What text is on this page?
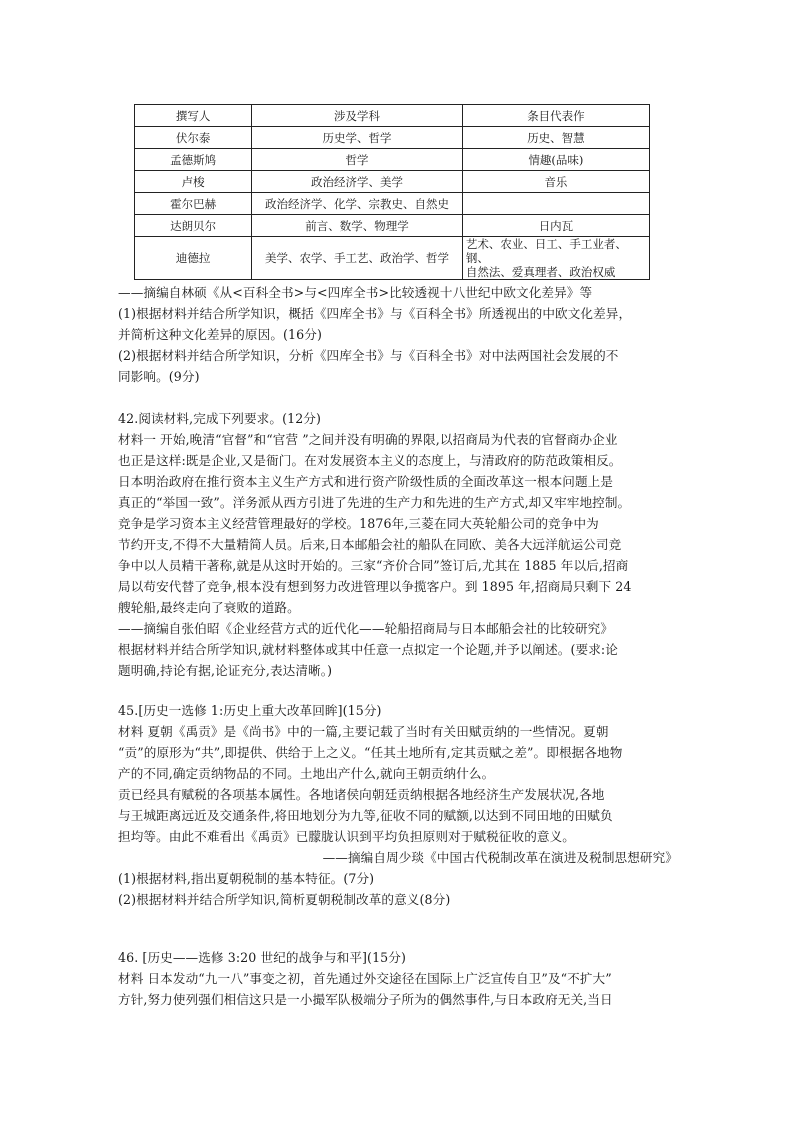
撰写人	涉及学科	条目代表作
伏尔泰	历史学、哲学	历史、智慧
孟德斯鸠	哲学	情趣(品味)
卢梭	政治经济学、美学	音乐
霍尔巴赫	政治经济学、化学、宗教史、自然史	
达朗贝尔	前言、数学、物理学	日内瓦
迪德拉	美学、农学、手工艺、政治学、哲学	艺术、农业、日工、手工业者、钢、
自然法、爱真理者、政治权威
——摘编自林硕《从<百科全书>与<四库全书>比较透视十八世纪中欧文化差异》等
(1)根据材料并结合所学知识，概括《四库全书》与《百科全书》所透视出的中欧文化差异，
并简析这种文化差异的原因。(16分)
(2)根据材料并结合所学知识，分析《四库全书》与《百科全书》对中法两国社会发展的不
同影响。(9分)
42.阅读材料,完成下列要求。(12分)
材料一 开始,晚清“官督”和“官营 ”之间并没有明确的界限,以招商局为代表的官督商办企业
也正是这样:既是企业,又是衙门。在对发展资本主义的态度上，与清政府的防范政策相反。
日本明治政府在推行资本主义生产方式和进行资产阶级性质的全面改革这一根本问题上是
真正的“举国一致”。洋务派从西方引进了先进的生产力和先进的生产方式,却又牢牢地控制。
竞争是学习资本主义经营管理最好的学校。1876年,三菱在同大英轮船公司的竞争中为
节约开支,不得不大量精简人员。后来,日本邮船会社的船队在同欧、美各大远洋航运公司竞
争中以人员精干著称,就是从这时开始的。三家“齐价合同”签订后,尤其在 1885 年以后,招商
局以苟安代替了竞争,根本没有想到努力改进管理以争揽客户。到 1895 年,招商局只剩下 24
艘轮船,最终走向了衰败的道路。
——摘编自张伯昭《企业经营方式的近代化——轮船招商局与日本邮船会社的比较研究》
根据材料并结合所学知识,就材料整体或其中任意一点拟定一个论题,并予以阐述。(要求:论
题明确,持论有据,论证充分,表达清晰。)
45.[历史一选修 1:历史上重大改革回眸](15分)
材料 夏朝《禹贡》是《尚书》中的一篇,主要记载了当时有关田赋贡纳的一些情况。夏朝
“贡”的原形为“共”,即提供、供给于上之义。“任其土地所有,定其贡赋之差”。即根据各地物
产的不同,确定贡纳物品的不同。土地出产什么,就向王朝贡纳什么。
贡已经具有赋税的各项基本属性。各地诸侯向朝廷贡纳根据各地经济生产发展状况,各地
与王城距离远近及交通条件,将田地划分为九等,征收不同的赋额,以达到不同田地的田赋负
担均等。由此不难看出《禹贡》已朦胧认识到平均负担原则对于赋税征收的意义。
——摘编自周少琰《中国古代税制改革在演进及税制思想研究》
(1)根据材料,指出夏朝税制的基本特征。(7分)
(2)根据材料并结合所学知识,简析夏朝税制改革的意义(8分)
46. [历史——选修 3:20 世纪的战争与和平](15分)
材料 日本发动“九一八”事变之初，首先通过外交途径在国际上广泛宣传自卫”及“不扩大”
方针,努力使列强们相信这只是一小撮军队极端分子所为的偶然事件,与日本政府无关,当日
